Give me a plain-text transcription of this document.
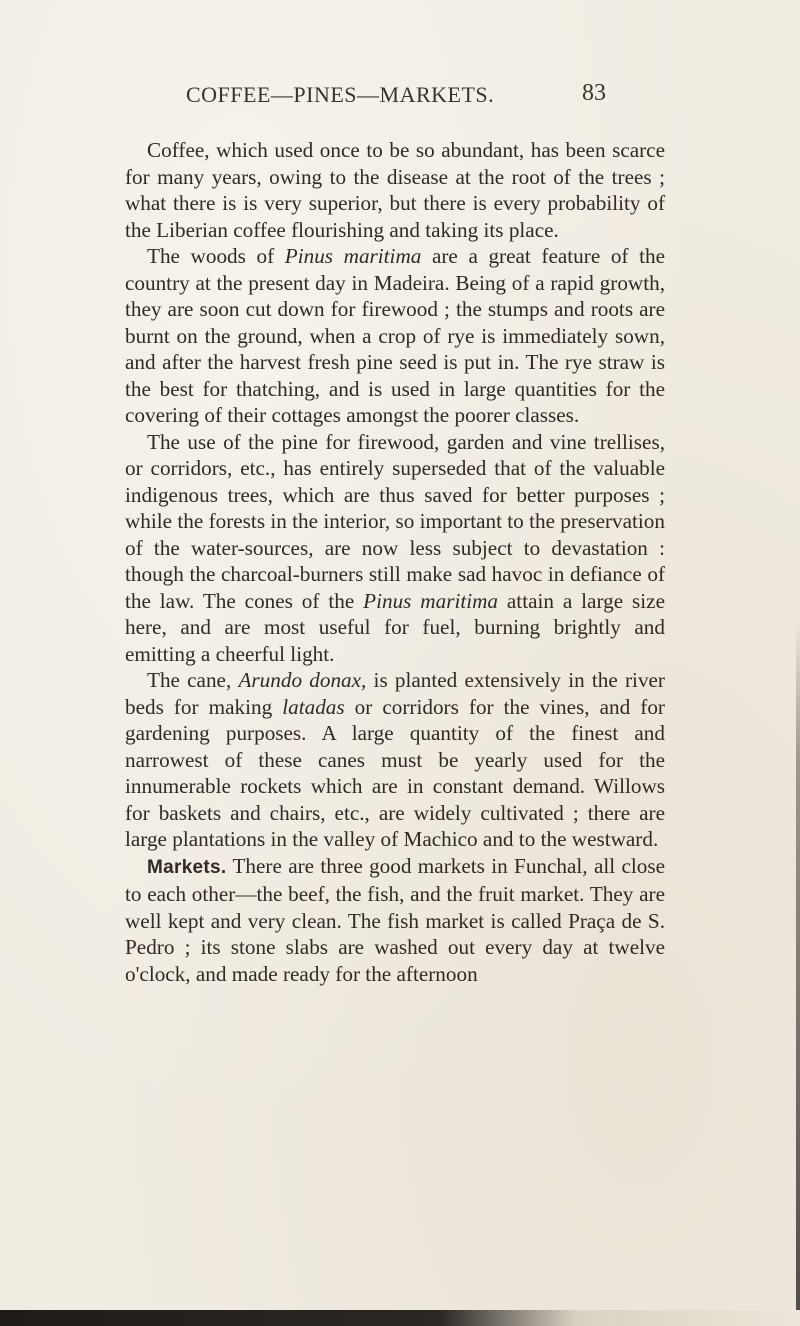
COFFEE—PINES—MARKETS.	83

Coffee, which used once to be so abundant, has been scarce for many years, owing to the disease at the root of the trees ; what there is is very superior, but there is every probability of the Liberian coffee flourishing and taking its place.

The woods of Pinus maritima are a great feature of the country at the present day in Madeira. Being of a rapid growth, they are soon cut down for firewood ; the stumps and roots are burnt on the ground, when a crop of rye is immediately sown, and after the harvest fresh pine seed is put in. The rye straw is the best for thatching, and is used in large quantities for the covering of their cottages amongst the poorer classes.

The use of the pine for firewood, garden and vine trellises, or corridors, etc., has entirely superseded that of the valuable indigenous trees, which are thus saved for better purposes ; while the forests in the interior, so important to the preservation of the water-sources, are now less subject to devastation : though the charcoal-burners still make sad havoc in defiance of the law. The cones of the Pinus maritima attain a large size here, and are most useful for fuel, burning brightly and emitting a cheerful light.

The cane, Arundo donax, is planted extensively in the river beds for making latadas or corridors for the vines, and for gardening purposes. A large quantity of the finest and narrowest of these canes must be yearly used for the innumerable rockets which are in constant demand. Willows for baskets and chairs, etc., are widely cultivated ; there are large plantations in the valley of Machico and to the westward.

Markets. There are three good markets in Funchal, all close to each other—the beef, the fish, and the fruit market. They are well kept and very clean. The fish market is called Praça de S. Pedro ; its stone slabs are washed out every day at twelve o'clock, and made ready for the afternoon
